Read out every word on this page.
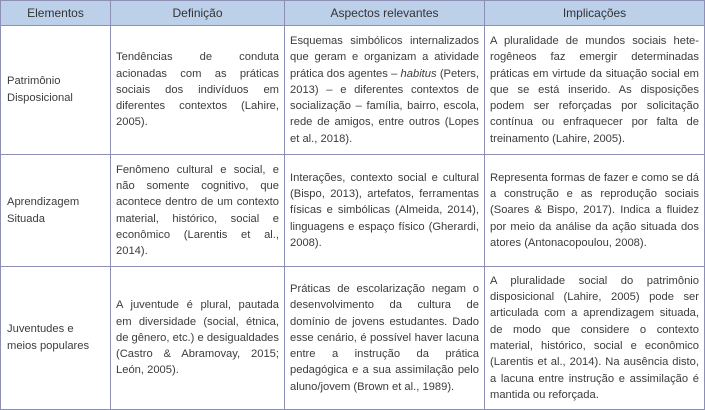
Elementos	Definição	Aspectos relevantes	Implicações
Patrimônio Disposicional	Tendências de conduta acionadas com as práticas sociais dos indivíduos em diferentes contextos (Lahire, 2005).	Esquemas simbólicos internalizados que geram e organizam a atividade prática dos agentes – habitus (Peters, 2013) – e diferentes contextos de socialização – família, bairro, escola, rede de amigos, entre outros (Lopes et al., 2018).	A pluralidade de mundos sociais hete-rogêneos faz emergir determinadas práticas em virtude da situação social em que se está inserido. As disposições podem ser reforçadas por solicitação contínua ou enfraquecer por falta de treinamento (Lahire, 2005).
Aprendizagem Situada	Fenômeno cultural e social, e não somente cognitivo, que acontece dentro de um contexto material, histórico, social e econômico (Larentis et al., 2014).	Interações, contexto social e cultural (Bispo, 2013), artefatos, ferramentas físicas e simbólicas (Almeida, 2014), linguagens e espaço físico (Gherardi, 2008).	Representa formas de fazer e como se dá a construção e as reprodução sociais (Soares & Bispo, 2017). Indica a fluidez por meio da análise da ação situada dos atores (Antonacopoulou, 2008).
Juventudes e meios populares	A juventude é plural, pautada em diversidade (social, étnica, de gênero, etc.) e desigualdades (Castro & Abramovay, 2015; León, 2005).	Práticas de escolarização negam o desenvolvimento da cultura de domínio de jovens estudantes. Dado esse cenário, é possível haver lacuna entre a instrução da prática pedagógica e a sua assimilação pelo aluno/jovem (Brown et al., 1989).	A pluralidade social do patrimônio disposicional (Lahire, 2005) pode ser articulada com a aprendizagem situada, de modo que considere o contexto material, histórico, social e econômico (Larentis et al., 2014). Na ausência disto, a lacuna entre instrução e assimilação é mantida ou reforçada.
